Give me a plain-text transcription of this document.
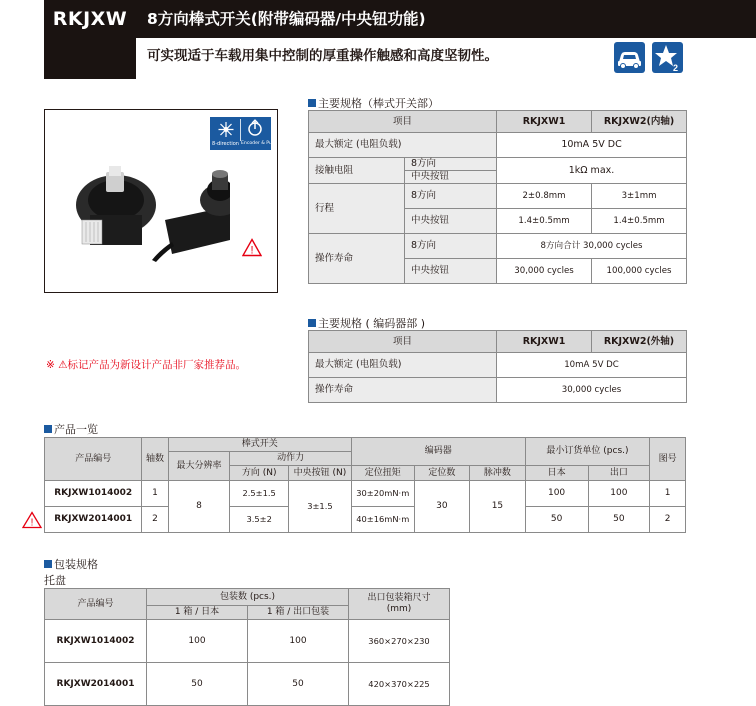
RKJXW	8方向棒式开关(附带编码器/中央钮功能)
可实现适于车载用集中控制的厚重操作触感和高度坚韧性。
2
8-direction Encoder & Push
!
※ ⚠标记产品为新设计产品非厂家推荐品。
主要规格（棒式开关部）
项目		RKJXW1	RKJXW2(内轴)
最大额定 (电阻负载)		10mA 5V DC	
接触电阻	8方向	1kΩ max.	
	中央按钮		
行程	8方向	2±0.8mm	3±1mm
	中央按钮	1.4±0.5mm	1.4±0.5mm
操作寿命	8方向	8方向合计 30,000 cycles	
	中央按钮	30,000 cycles	100,000 cycles
主要规格 ( 编码器部 )
项目	RKJXW1	RKJXW2(外轴)
最大额定 (电阻负载)	10mA 5V DC	
操作寿命	30,000 cycles	
产品一览
!
产品编号	轴数	棒式开关			编码器			最小订货单位 (pcs.)		图号
		最大分辨率	动作力							
			方向 (N)	中央按钮 (N)	定位扭矩	定位数	脉冲数	日本	出口	
RKJXW1014002	1	8	2.5±1.5	3±1.5	30±20mN·m	30	15	100	100	1
RKJXW2014001	2		3.5±2		40±16mN·m			50	50	2
包装规格
托盘
产品编号	包装数 (pcs.)		出口包装箱尺寸
(mm)
	1 箱 / 日本	1 箱 / 出口包装	
RKJXW1014002	100	100	360×270×230
RKJXW2014001	50	50	420×370×225
